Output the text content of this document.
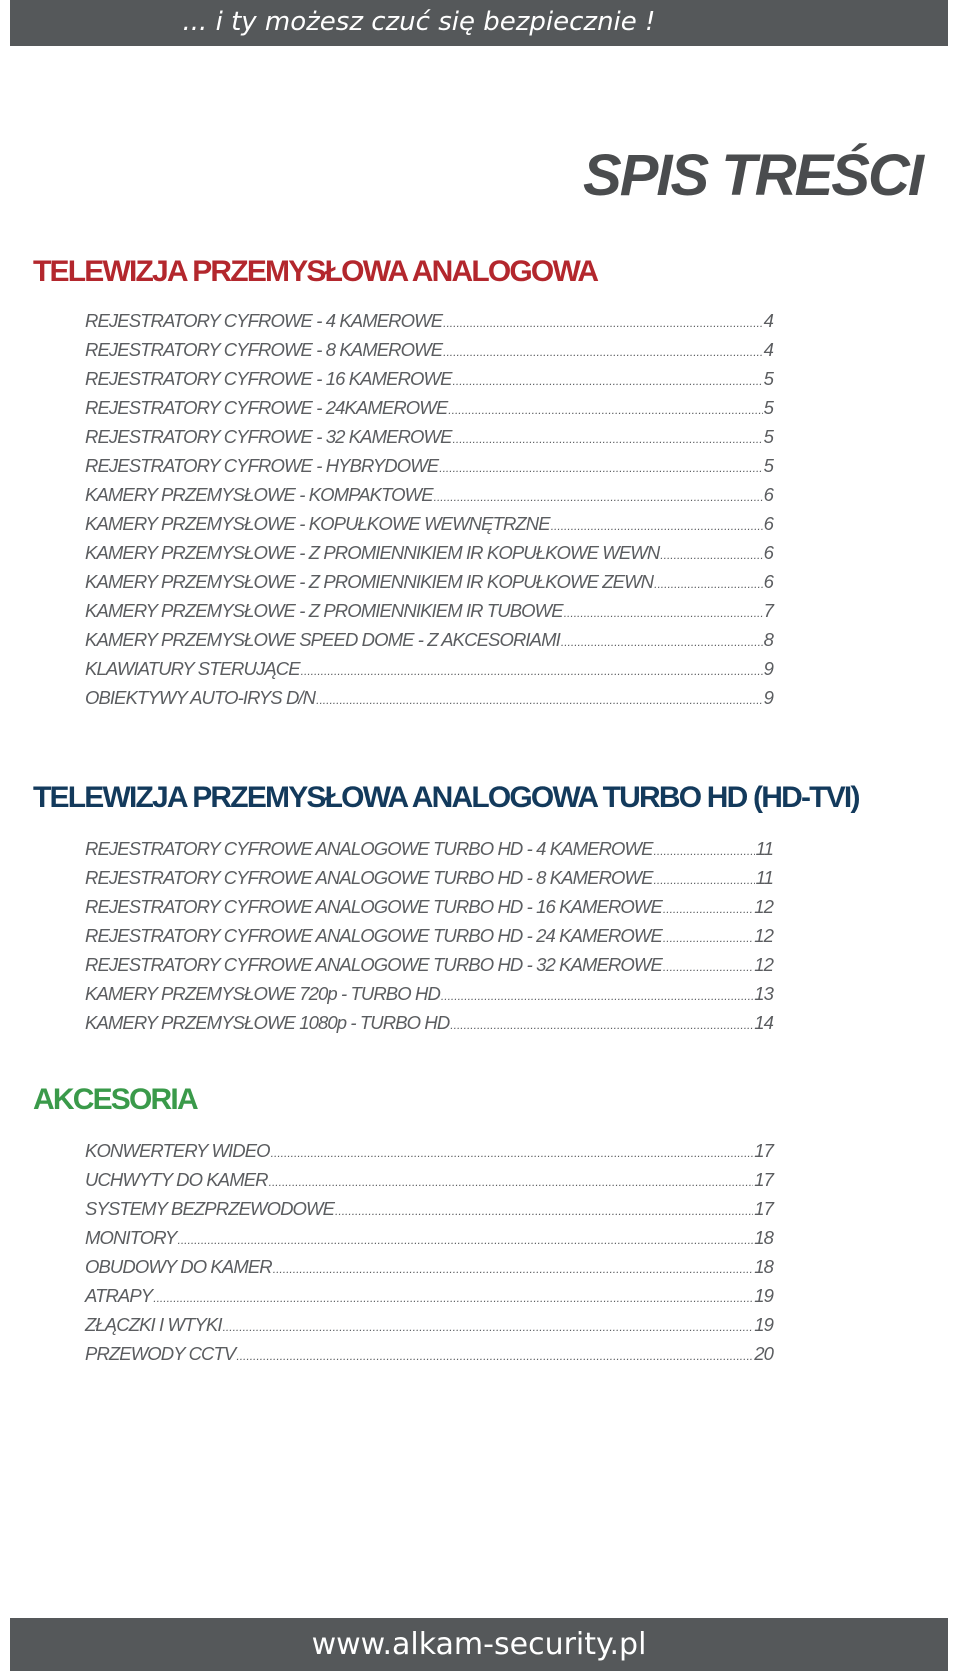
... i ty możesz czuć się bezpiecznie !
SPIS TREŚCI
TELEWIZJA PRZEMYSŁOWA ANALOGOWA
REJESTRATORY CYFROWE - 4 KAMEROWE .....	4
REJESTRATORY CYFROWE - 8 KAMEROWE .....	4
REJESTRATORY CYFROWE - 16 KAMEROWE .....	5
REJESTRATORY CYFROWE - 24KAMEROWE .....	5
REJESTRATORY CYFROWE - 32 KAMEROWE .....	5
REJESTRATORY CYFROWE - HYBRYDOWE .....	5
KAMERY PRZEMYSŁOWE - KOMPAKTOWE .....	6
KAMERY PRZEMYSŁOWE - KOPUŁKOWE WEWNĘTRZNE .....	6
KAMERY PRZEMYSŁOWE - Z PROMIENNIKIEM IR KOPUŁKOWE WEWN .....	6
KAMERY PRZEMYSŁOWE - Z PROMIENNIKIEM IR KOPUŁKOWE ZEWN .....	6
KAMERY PRZEMYSŁOWE - Z PROMIENNIKIEM IR TUBOWE .....	7
KAMERY PRZEMYSŁOWE SPEED DOME - Z AKCESORIAMI .....	8
KLAWIATURY STERUJĄCE .....	9
OBIEKTYWY AUTO-IRYS D/N .....	9
TELEWIZJA PRZEMYSŁOWA ANALOGOWA TURBO HD (HD-TVI)
REJESTRATORY CYFROWE ANALOGOWE TURBO HD - 4 KAMEROWE .....	11
REJESTRATORY CYFROWE ANALOGOWE TURBO HD - 8 KAMEROWE .....	11
REJESTRATORY CYFROWE ANALOGOWE TURBO HD - 16 KAMEROWE .....	12
REJESTRATORY CYFROWE ANALOGOWE TURBO HD - 24 KAMEROWE .....	12
REJESTRATORY CYFROWE ANALOGOWE TURBO HD - 32 KAMEROWE .....	12
KAMERY PRZEMYSŁOWE 720p - TURBO HD .....	13
KAMERY PRZEMYSŁOWE 1080p - TURBO HD .....	14
AKCESORIA
KONWERTERY WIDEO .....	17
UCHWYTY DO KAMER .....	17
SYSTEMY BEZPRZEWODOWE .....	17
MONITORY .....	18
OBUDOWY DO KAMER .....	18
ATRAPY .....	19
ZŁĄCZKI I WTYKI .....	19
PRZEWODY CCTV .....	20
www.alkam-security.pl
